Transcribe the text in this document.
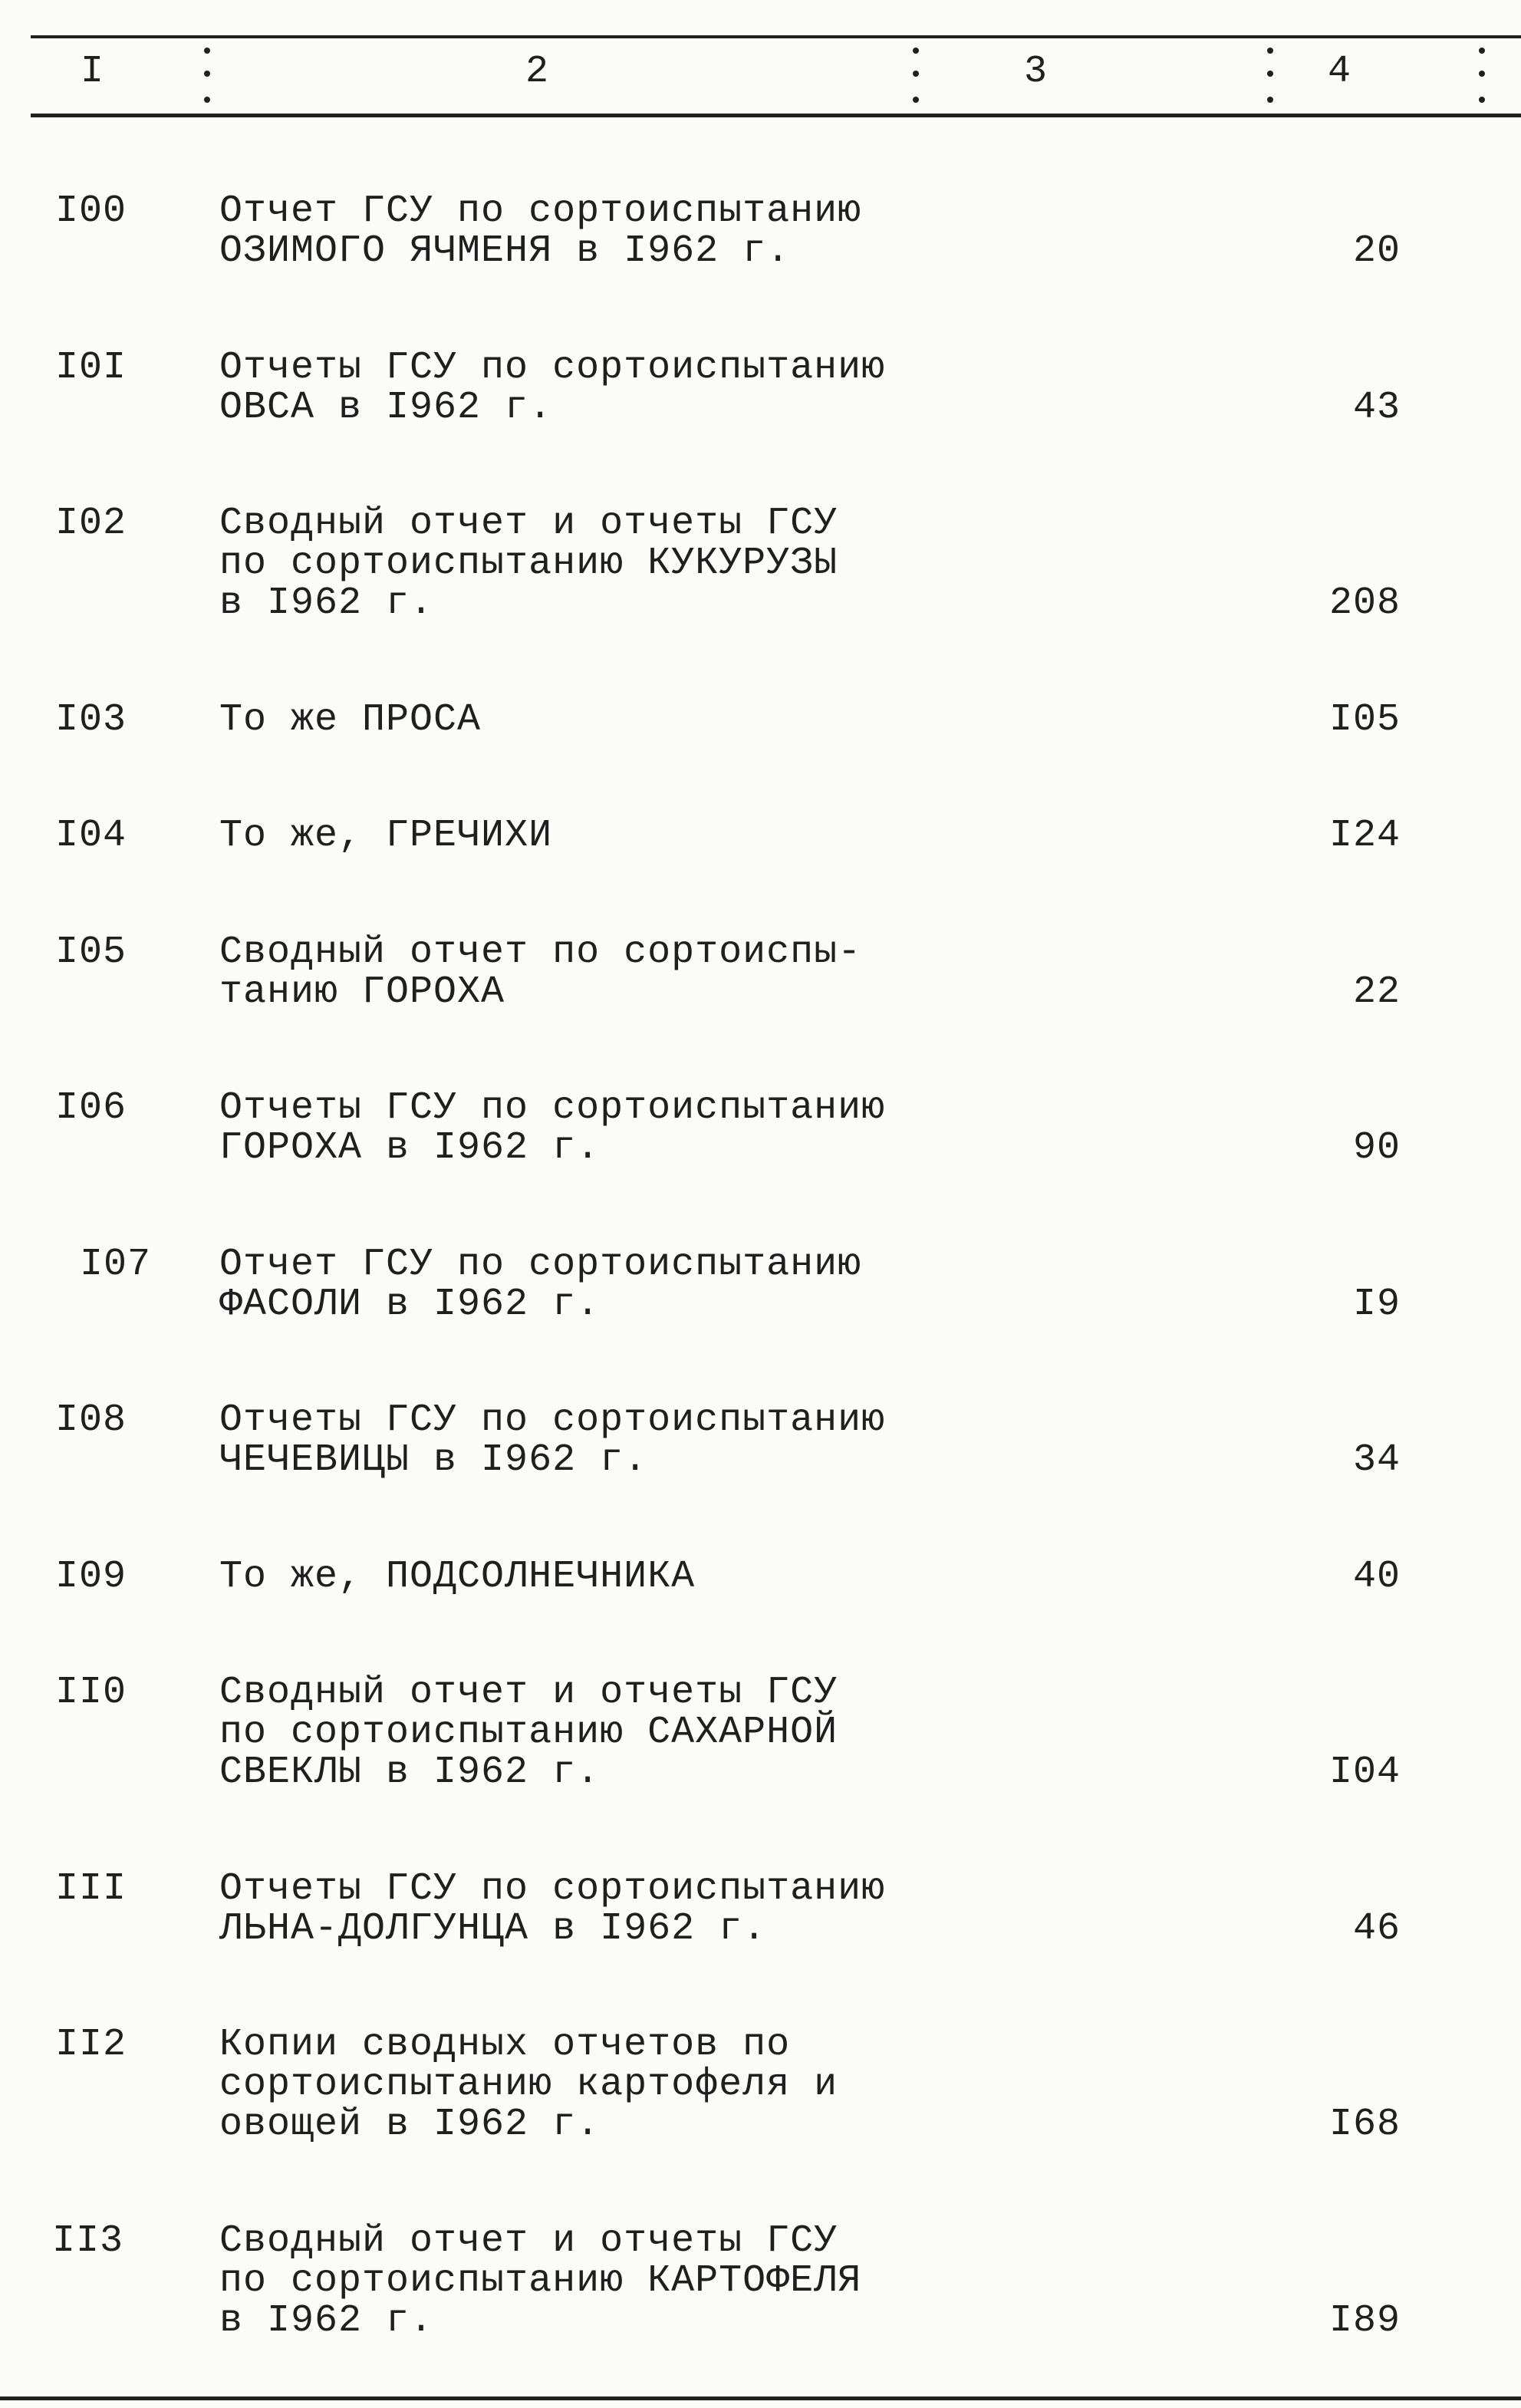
I	2	3	4
I00 Отчет ГСУ по сортоиспытанию
ОЗИМОГО ЯЧМЕНЯ в I962 г.	20
I0I Отчеты ГСУ по сортоиспытанию
ОВСА в I962 г.	43
I02 Сводный отчет и отчеты ГСУ
по сортоиспытанию КУКУРУЗЫ
в I962 г.	208
I03 То же ПРОСА	I05
I04 То же, ГРЕЧИХИ	I24
I05 Сводный отчет по сортоиспы-
танию ГОРОХА	22
I06 Отчеты ГСУ по сортоиспытанию
ГОРОХА в I962 г.	90
I07 Отчет ГСУ по сортоиспытанию
ФАСОЛИ в I962 г.	I9
I08 Отчеты ГСУ по сортоиспытанию
ЧЕЧЕВИЦЫ в I962 г.	34
I09 То же, ПОДСОЛНЕЧНИКА	40
II0 Сводный отчет и отчеты ГСУ
по сортоиспытанию САХАРНОЙ
СВЕКЛЫ в I962 г.	I04
III Отчеты ГСУ по сортоиспытанию
ЛЬНА-ДОЛГУНЦА в I962 г.	46
II2 Копии сводных отчетов по
сортоиспытанию картофеля и
овощей в I962 г.	I68
II3 Сводный отчет и отчеты ГСУ
по сортоиспытанию КАРТОФЕЛЯ
в I962 г.	I89
